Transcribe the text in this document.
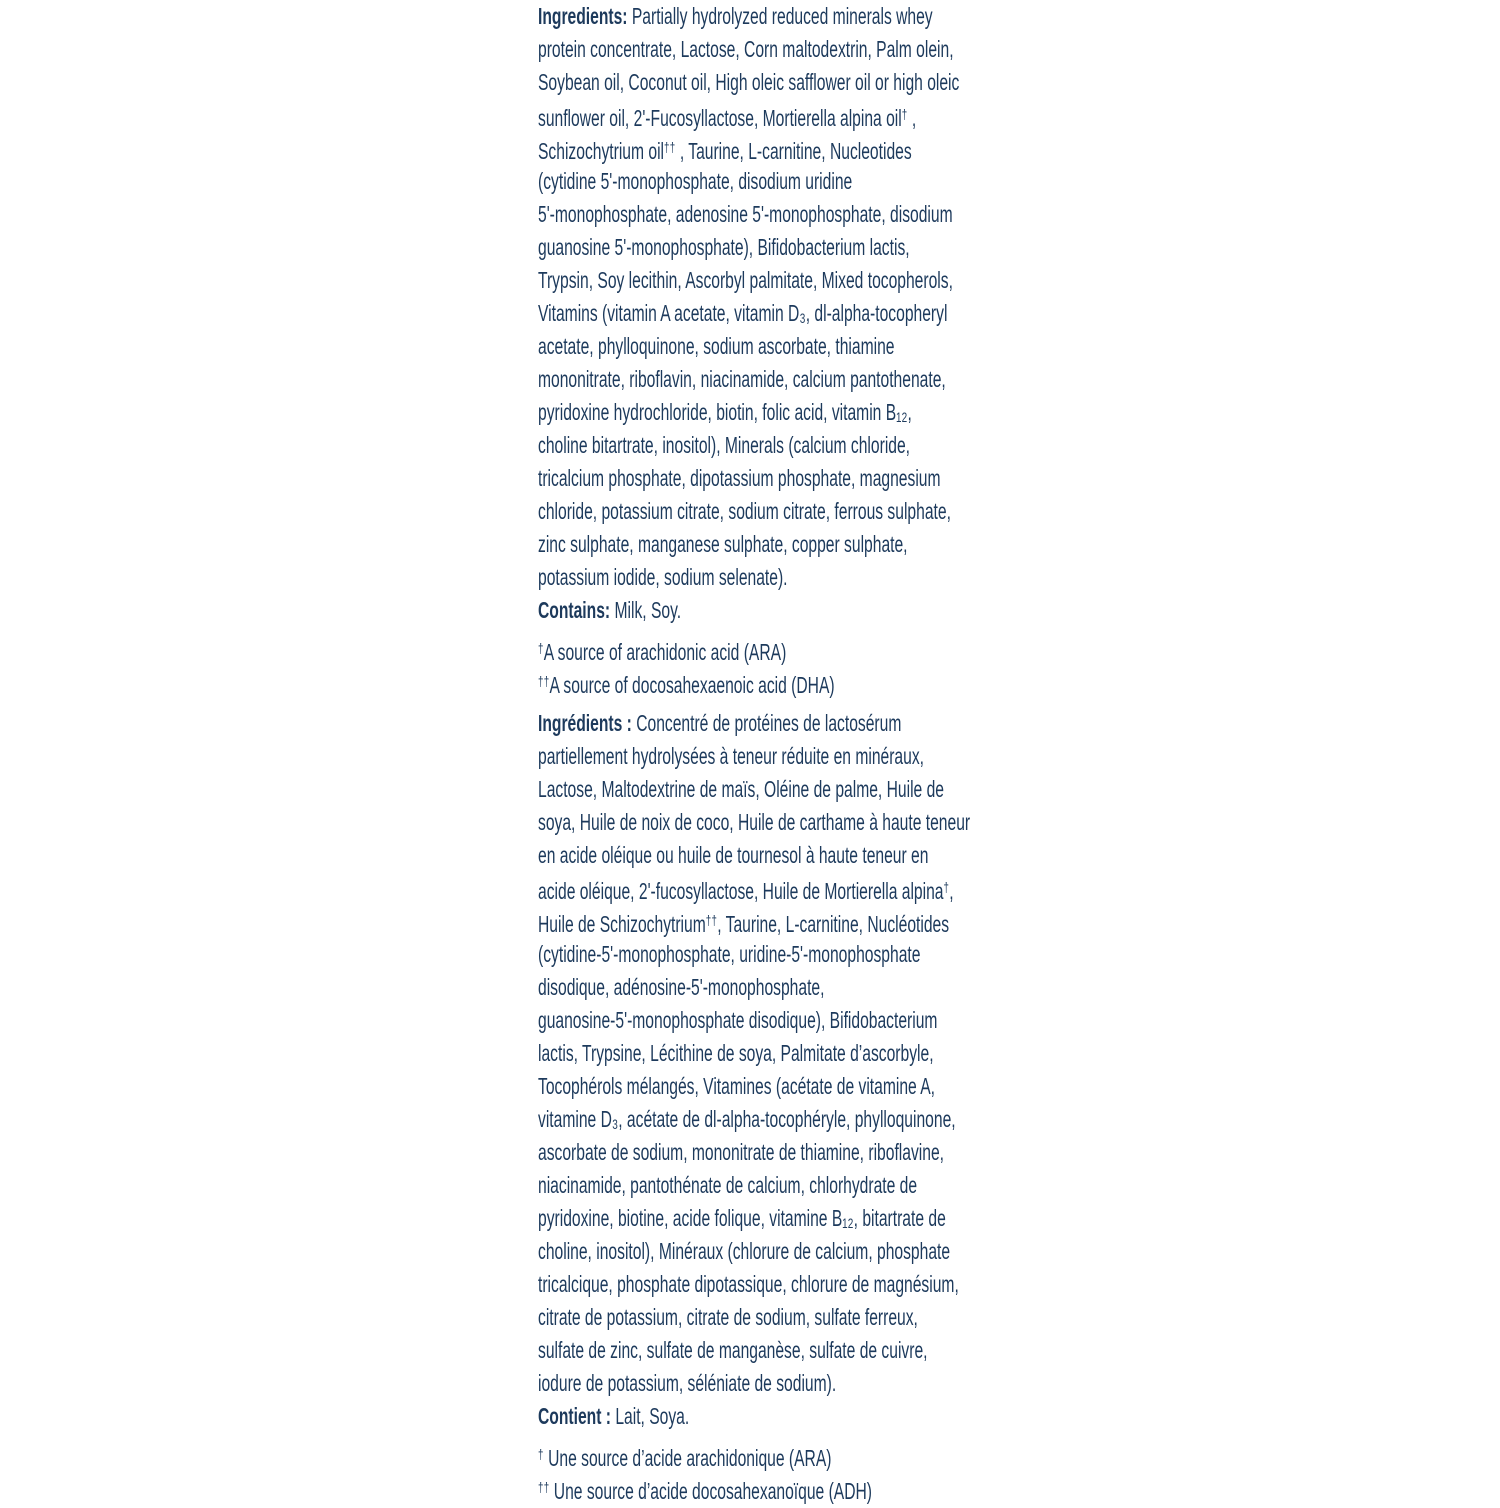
Ingredients: Partially hydrolyzed reduced minerals whey
protein concentrate, Lactose, Corn maltodextrin, Palm olein,
Soybean oil, Coconut oil, High oleic safflower oil or high oleic
sunflower oil, 2'-Fucosyllactose, Mortierella alpina oil† ,
Schizochytrium oil†† , Taurine, L-carnitine, Nucleotides
(cytidine 5'-monophosphate, disodium uridine
5'-monophosphate, adenosine 5'-monophosphate, disodium
guanosine 5'-monophosphate), Bifidobacterium lactis,
Trypsin, Soy lecithin, Ascorbyl palmitate, Mixed tocopherols,
Vitamins (vitamin A acetate, vitamin D₃, dl-alpha-tocopheryl
acetate, phylloquinone, sodium ascorbate, thiamine
mononitrate, riboflavin, niacinamide, calcium pantothenate,
pyridoxine hydrochloride, biotin, folic acid, vitamin B₁₂,
choline bitartrate, inositol), Minerals (calcium chloride,
tricalcium phosphate, dipotassium phosphate, magnesium
chloride, potassium citrate, sodium citrate, ferrous sulphate,
zinc sulphate, manganese sulphate, copper sulphate,
potassium iodide, sodium selenate).
Contains: Milk, Soy.
†A source of arachidonic acid (ARA)
††A source of docosahexaenoic acid (DHA)
Ingrédients : Concentré de protéines de lactosérum
partiellement hydrolysées à teneur réduite en minéraux,
Lactose, Maltodextrine de maïs, Oléine de palme, Huile de
soya, Huile de noix de coco, Huile de carthame à haute teneur
en acide oléique ou huile de tournesol à haute teneur en
acide oléique, 2'-fucosyllactose, Huile de Mortierella alpina†,
Huile de Schizochytrium††, Taurine, L-carnitine, Nucléotides
(cytidine-5'-monophosphate, uridine-5'-monophosphate
disodique, adénosine-5'-monophosphate,
guanosine-5'-monophosphate disodique), Bifidobacterium
lactis, Trypsine, Lécithine de soya, Palmitate d’ascorbyle,
Tocophérols mélangés, Vitamines (acétate de vitamine A,
vitamine D₃, acétate de dl-alpha-tocophéryle, phylloquinone,
ascorbate de sodium, mononitrate de thiamine, riboflavine,
niacinamide, pantothénate de calcium, chlorhydrate de
pyridoxine, biotine, acide folique, vitamine B₁₂, bitartrate de
choline, inositol), Minéraux (chlorure de calcium, phosphate
tricalcique, phosphate dipotassique, chlorure de magnésium,
citrate de potassium, citrate de sodium, sulfate ferreux,
sulfate de zinc, sulfate de manganèse, sulfate de cuivre,
iodure de potassium, séléniate de sodium).
Contient : Lait, Soya.
† Une source d’acide arachidonique (ARA)
†† Une source d’acide docosahexanoïque (ADH)
